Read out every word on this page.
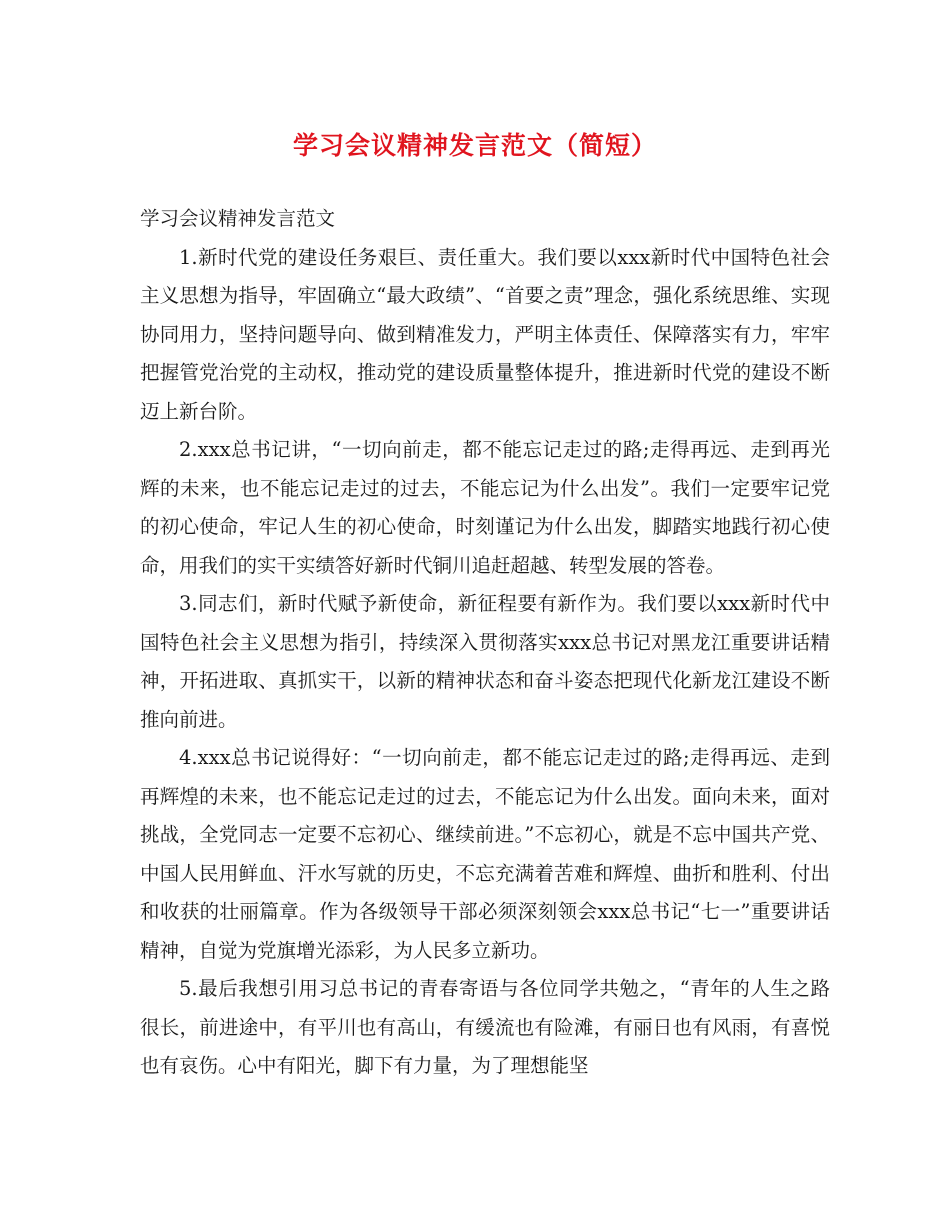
学习会议精神发言范文（简短）

学习会议精神发言范文

1.新时代党的建设任务艰巨、责任重大。我们要以xxx新时代中国特色社会主义思想为指导，牢固确立“最大政绩”、“首要之责”理念，强化系统思维、实现协同用力，坚持问题导向、做到精准发力，严明主体责任、保障落实有力，牢牢把握管党治党的主动权，推动党的建设质量整体提升，推进新时代党的建设不断迈上新台阶。

2.xxx总书记讲，“一切向前走，都不能忘记走过的路;走得再远、走到再光辉的未来，也不能忘记走过的过去，不能忘记为什么出发”。我们一定要牢记党的初心使命，牢记人生的初心使命，时刻谨记为什么出发，脚踏实地践行初心使命，用我们的实干实绩答好新时代铜川追赶超越、转型发展的答卷。

3.同志们，新时代赋予新使命，新征程要有新作为。我们要以xxx新时代中国特色社会主义思想为指引，持续深入贯彻落实xxx总书记对黑龙江重要讲话精神，开拓进取、真抓实干，以新的精神状态和奋斗姿态把现代化新龙江建设不断推向前进。

4.xxx总书记说得好：“一切向前走，都不能忘记走过的路;走得再远、走到再辉煌的未来，也不能忘记走过的过去，不能忘记为什么出发。面向未来，面对挑战，全党同志一定要不忘初心、继续前进。”不忘初心，就是不忘中国共产党、中国人民用鲜血、汗水写就的历史，不忘充满着苦难和辉煌、曲折和胜利、付出和收获的壮丽篇章。作为各级领导干部必须深刻领会xxx总书记“七一”重要讲话精神，自觉为党旗增光添彩，为人民多立新功。

5.最后我想引用习总书记的青春寄语与各位同学共勉之，“青年的人生之路很长，前进途中，有平川也有高山，有缓流也有险滩，有丽日也有风雨，有喜悦也有哀伤。心中有阳光，脚下有力量，为了理想能坚
